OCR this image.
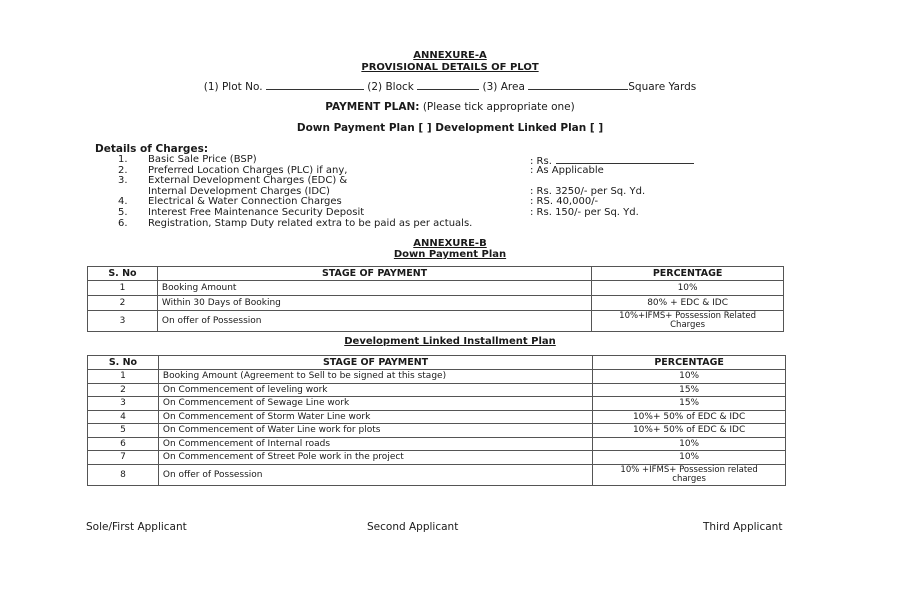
ANNEXURE-A
PROVISIONAL DETAILS OF PLOT
(1) Plot No.	(2) Block	(3) Area	Square Yards
PAYMENT PLAN: (Please tick appropriate one)
Down Payment Plan [ ] Development Linked Plan [ ]
Details of Charges:
1. Basic Sale Price (BSP)	: Rs.
2. Preferred Location Charges (PLC) if any,	: As Applicable
3. External Development Charges (EDC) &
Internal Development Charges (IDC)	: Rs. 3250/- per Sq. Yd.
4. Electrical & Water Connection Charges	: RS. 40,000/-
5. Interest Free Maintenance Security Deposit	: Rs. 150/- per Sq. Yd.
6. Registration, Stamp Duty related extra to be paid as per actuals.
ANNEXURE-B
Down Payment Plan
S. No	STAGE OF PAYMENT	PERCENTAGE
1	Booking Amount	10%
2	Within 30 Days of Booking	80% + EDC & IDC
3	On offer of Possession	10%+IFMS+ Possession Related Charges
Development Linked Installment Plan
S. No	STAGE OF PAYMENT	PERCENTAGE
1	Booking Amount (Agreement to Sell to be signed at this stage)	10%
2	On Commencement of leveling work	15%
3	On Commencement of Sewage Line work	15%
4	On Commencement of Storm Water Line work	10%+ 50% of EDC & IDC
5	On Commencement of Water Line work for plots	10%+ 50% of EDC & IDC
6	On Commencement of Internal roads	10%
7	On Commencement of Street Pole work in the project	10%
8	On offer of Possession	10% +IFMS+ Possession related charges
Sole/First Applicant	Second Applicant	Third Applicant
